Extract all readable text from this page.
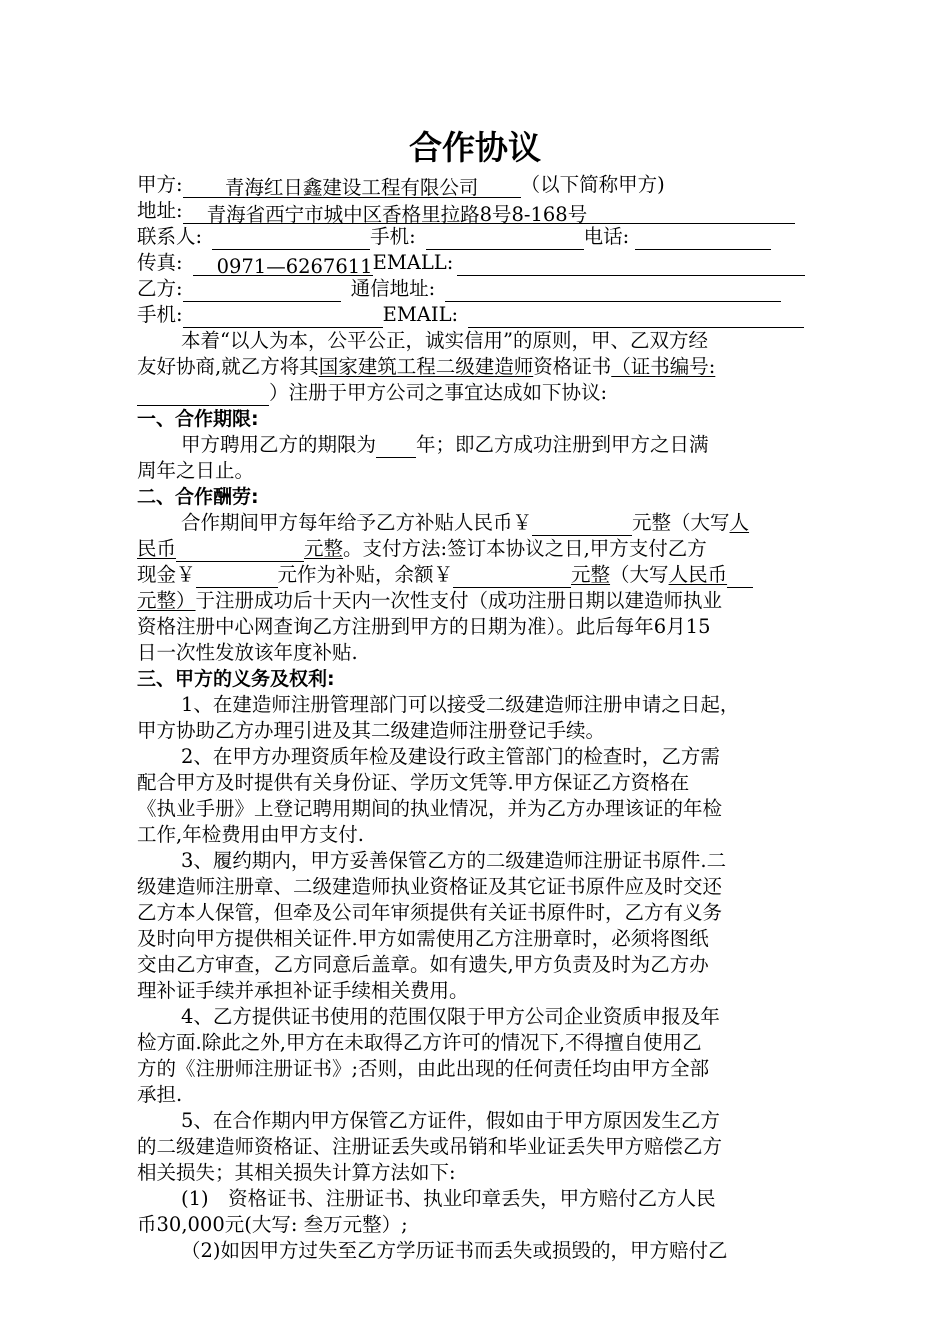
合作协议
甲方: 青海红日鑫建设工程有限公司 （以下简称甲方)
地址: 青海省西宁市城中区香格里拉路8号8-168号
联系人:	手机:	电话:
传真: 0971—6267611EMALL:
乙方:	通信地址:
手机:	EMAIL:
本着“以人为本，公平公正，诚实信用”的原则，甲、乙双方经
友好协商,就乙方将其国家建筑工程二级建造师资格证书（证书编号:
）注册于甲方公司之事宜达成如下协议:
一、合作期限:
甲方聘用乙方的期限为 年；即乙方成功注册到甲方之日满
周年之日止。
二、合作酬劳:
合作期间甲方每年给予乙方补贴人民币￥	元整（大写人
民币	元整。支付方法:签订本协议之日,甲方支付乙方
现金￥	元作为补贴，余额￥	元整（大写人民币
元整）于注册成功后十天内一次性支付（成功注册日期以建造师执业
资格注册中心网查询乙方注册到甲方的日期为准）。此后每年6月15
日一次性发放该年度补贴.
三、甲方的义务及权利:
1、在建造师注册管理部门可以接受二级建造师注册申请之日起，
甲方协助乙方办理引进及其二级建造师注册登记手续。
2、在甲方办理资质年检及建设行政主管部门的检查时，乙方需
配合甲方及时提供有关身份证、学历文凭等.甲方保证乙方资格在
《执业手册》上登记聘用期间的执业情况，并为乙方办理该证的年检
工作,年检费用由甲方支付.
3、履约期内，甲方妥善保管乙方的二级建造师注册证书原件.二
级建造师注册章、二级建造师执业资格证及其它证书原件应及时交还
乙方本人保管，但牵及公司年审须提供有关证书原件时，乙方有义务
及时向甲方提供相关证件.甲方如需使用乙方注册章时，必须将图纸
交由乙方审查，乙方同意后盖章。如有遗失,甲方负责及时为乙方办
理补证手续并承担补证手续相关费用。
4、乙方提供证书使用的范围仅限于甲方公司企业资质申报及年
检方面.除此之外,甲方在未取得乙方许可的情况下,不得擅自使用乙
方的《注册师注册证书》;否则，由此出现的任何责任均由甲方全部
承担.
5、在合作期内甲方保管乙方证件，假如由于甲方原因发生乙方
的二级建造师资格证、注册证丢失或吊销和毕业证丢失甲方赔偿乙方
相关损失；其相关损失计算方法如下:
(1)　资格证书、注册证书、执业印章丢失，甲方赔付乙方人民
币30,000元(大写: 叁万元整）;
（2)如因甲方过失至乙方学历证书而丢失或损毁的，甲方赔付乙
